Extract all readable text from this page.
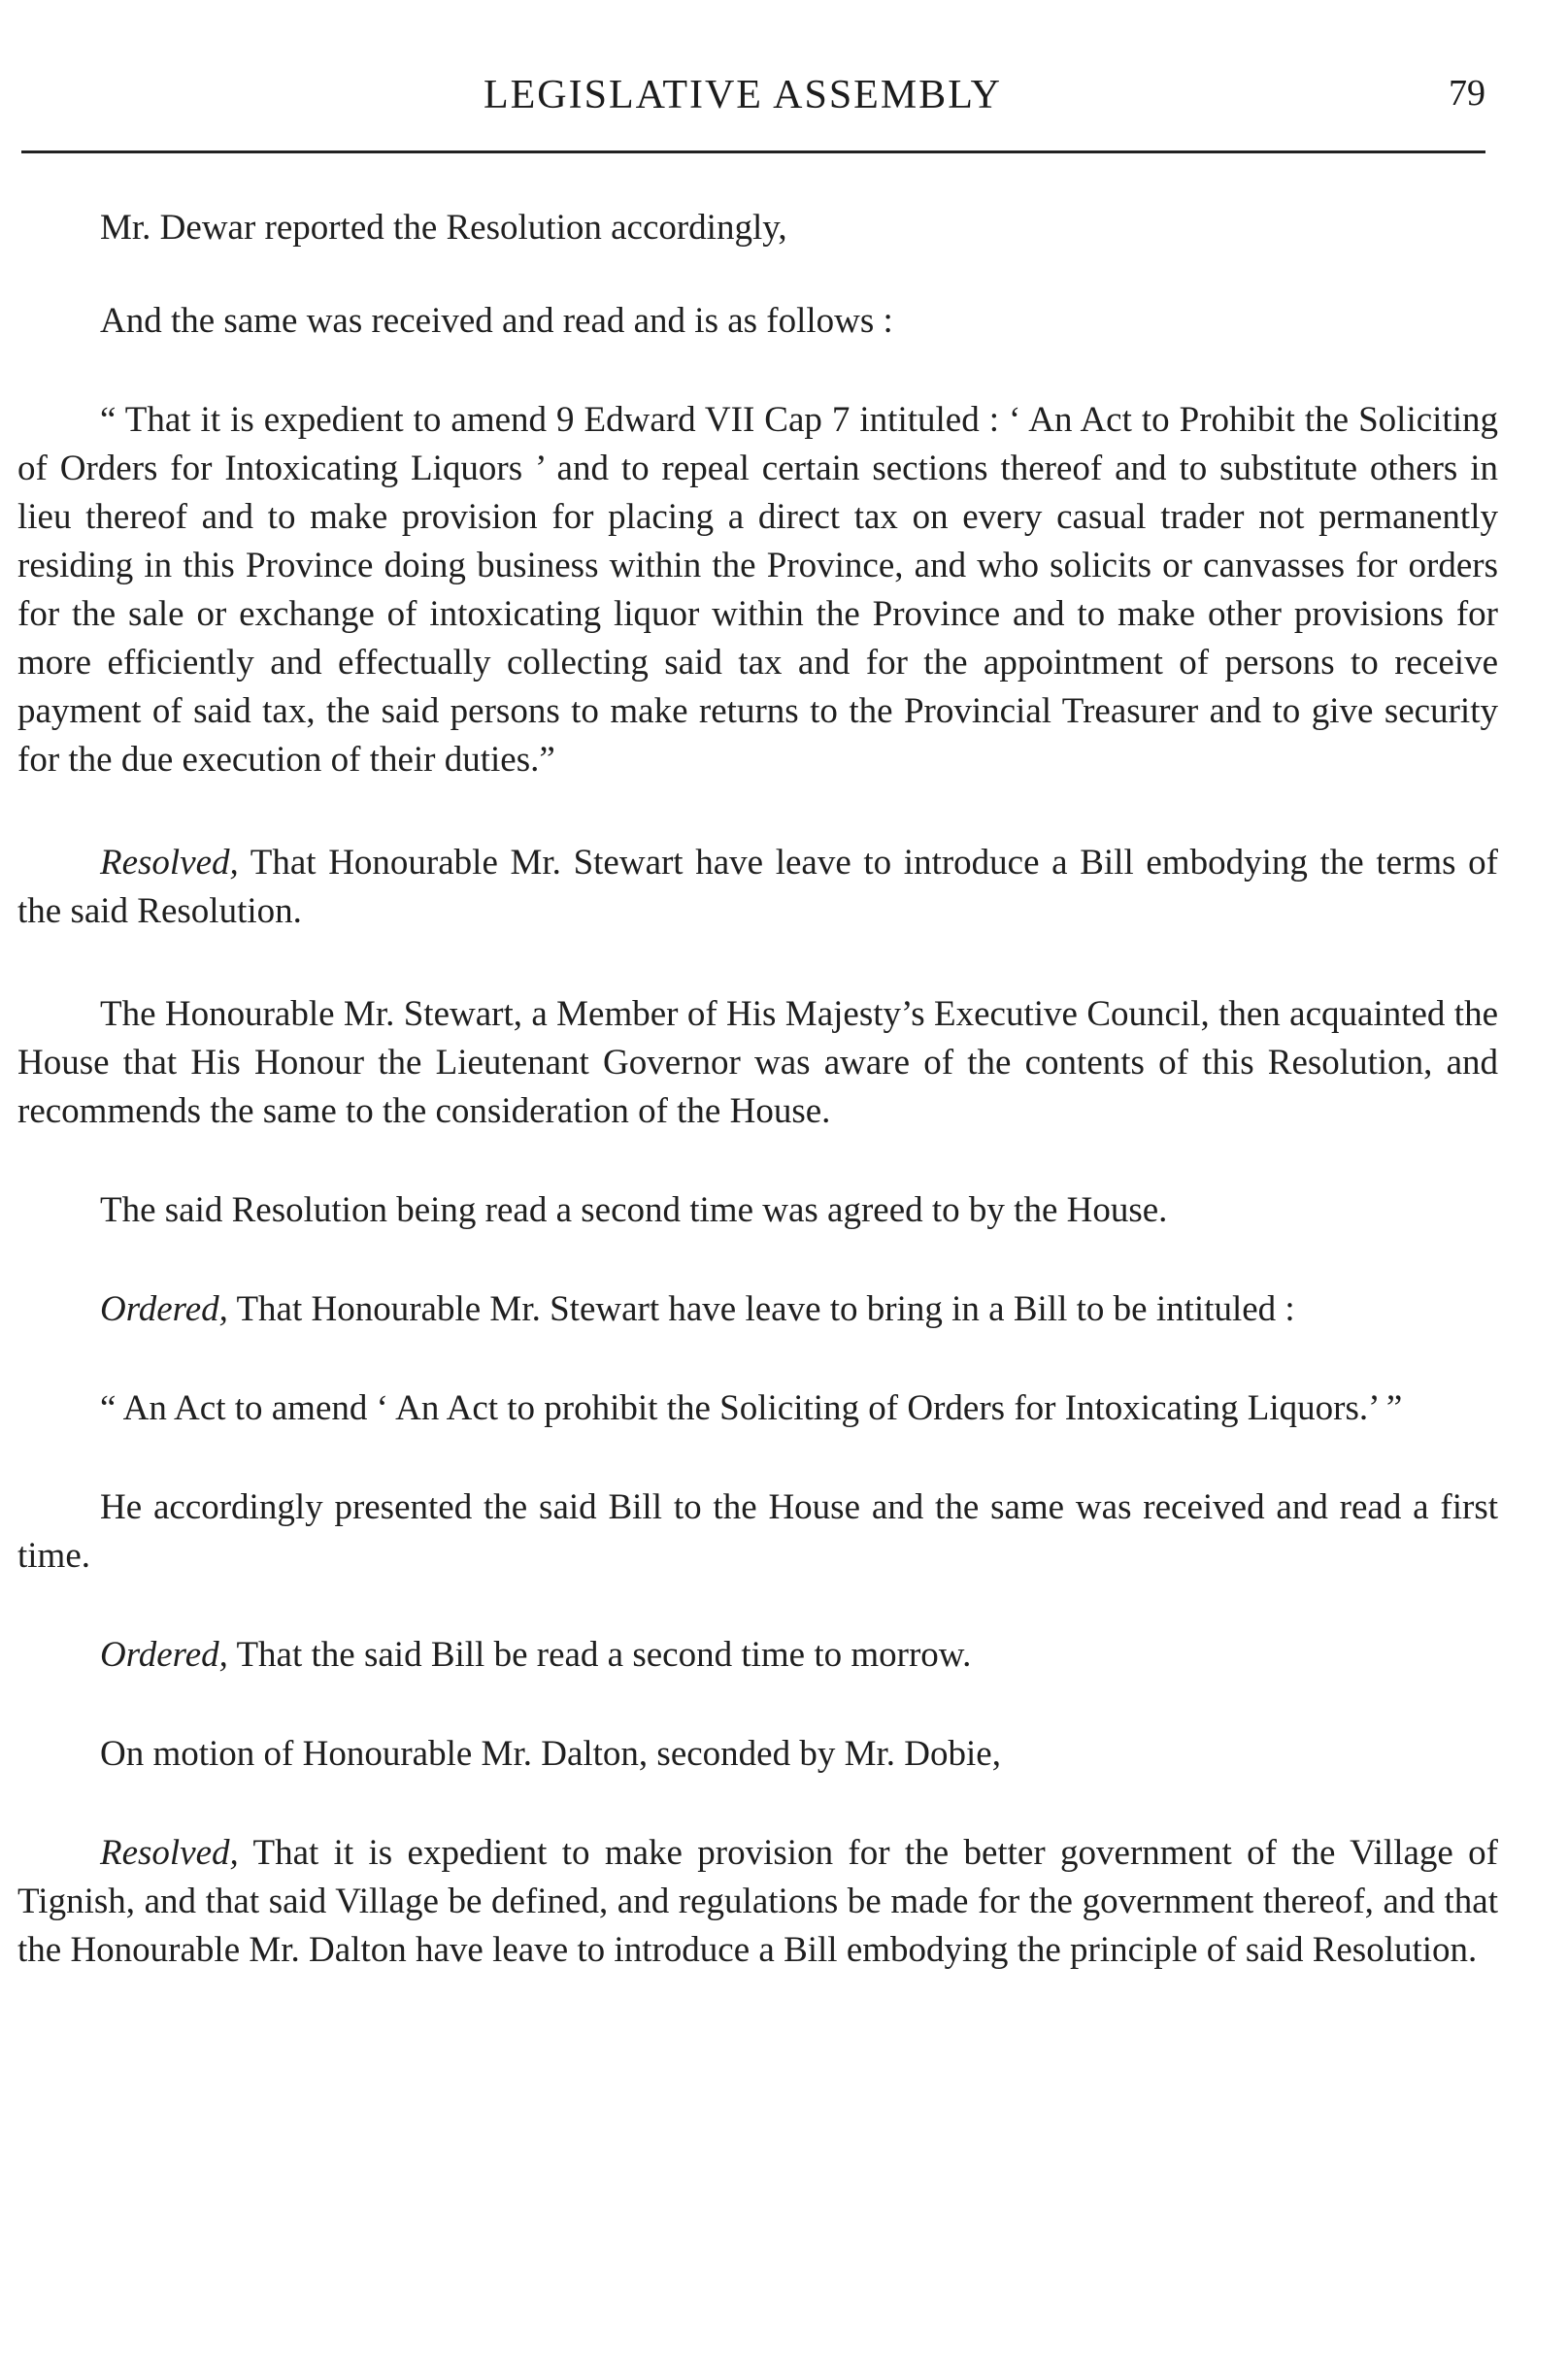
LEGISLATIVE ASSEMBLY	79

Mr. Dewar reported the Resolution accordingly,

And the same was received and read and is as follows :

“ That it is expedient to amend 9 Edward VII Cap 7 intituled : ‘ An Act to Prohibit the Soliciting of Orders for Intoxicating Liquors ’ and to repeal certain sections thereof and to substitute others in lieu thereof and to make provision for placing a direct tax on every casual trader not permanently residing in this Province doing business within the Province, and who solicits or canvasses for orders for the sale or exchange of intoxicating liquor within the Province and to make other provisions for more efficiently and effectually collecting said tax and for the appointment of persons to receive payment of said tax, the said persons to make returns to the Provincial Treasurer and to give security for the due execution of their duties.”

Resolved, That Honourable Mr. Stewart have leave to introduce a Bill embodying the terms of the said Resolution.

The Honourable Mr. Stewart, a Member of His Majesty’s Executive Council, then acquainted the House that His Honour the Lieutenant Governor was aware of the contents of this Resolution, and recommends the same to the consideration of the House.

The said Resolution being read a second time was agreed to by the House.

Ordered, That Honourable Mr. Stewart have leave to bring in a Bill to be intituled :

“ An Act to amend ‘ An Act to prohibit the Soliciting of Orders for Intoxicating Liquors.’ ”

He accordingly presented the said Bill to the House and the same was received and read a first time.

Ordered, That the said Bill be read a second time to morrow.

On motion of Honourable Mr. Dalton, seconded by Mr. Dobie,

Resolved, That it is expedient to make provision for the better government of the Village of Tignish, and that said Village be defined, and regulations be made for the government thereof, and that the Honourable Mr. Dalton have leave to introduce a Bill embodying the principle of said Resolution.
